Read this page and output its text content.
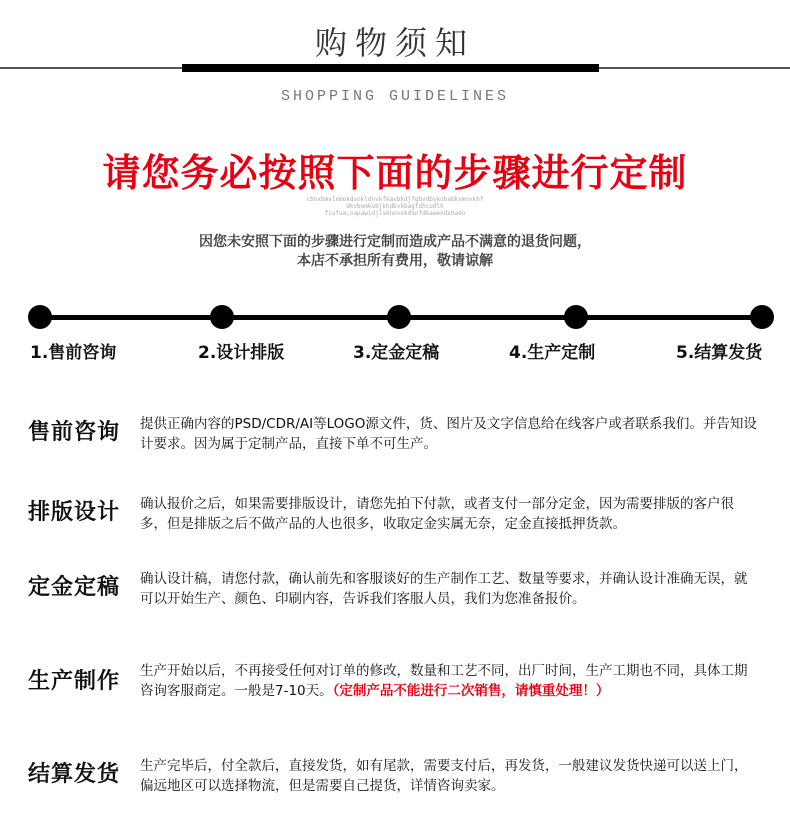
购物须知
SHOPPING GUIDELINES
请您务必按照下面的步骤进行定制
cbnxbmslxmokdsokldnvkfkavbkdjfgbvdbvkohabkvmnvkhf
dkvbomkvbjkhdbvkbagfdhcudlh
fiufua;oapawidjlsknovnkdsnfdkawendshado
因您未安照下面的步骤进行定制而造成产品不满意的退货问题，
本店不承担所有费用，敬请谅解
1.售前咨询	2.设计排版	3.定金定稿	4.生产定制	5.结算发货
售前咨询 提供正确内容的PSD/CDR/AI等LOGO源文件，货、图片及文字信息给在线客户或者联系我们。并告知设计要求。因为属于定制产品，直接下单不可生产。
排版设计 确认报价之后，如果需要排版设计，请您先拍下付款，或者支付一部分定金，因为需要排版的客户很多，但是排版之后不做产品的人也很多，收取定金实属无奈，定金直接抵押货款。
定金定稿 确认设计稿，请您付款，确认前先和客服谈好的生产制作工艺、数量等要求，并确认设计准确无误，就可以开始生产、颜色、印刷内容，告诉我们客服人员，我们为您准备报价。
生产制作 生产开始以后，不再接受任何对订单的修改，数量和工艺不同，出厂时间，生产工期也不同，具体工期咨询客服商定。一般是7-10天。（定制产品不能进行二次销售，请慎重处理！）
结算发货 生产完毕后，付全款后，直接发货，如有尾款，需要支付后，再发货，一般建议发货快递可以送上门，偏远地区可以选择物流，但是需要自己提货，详情咨询卖家。
